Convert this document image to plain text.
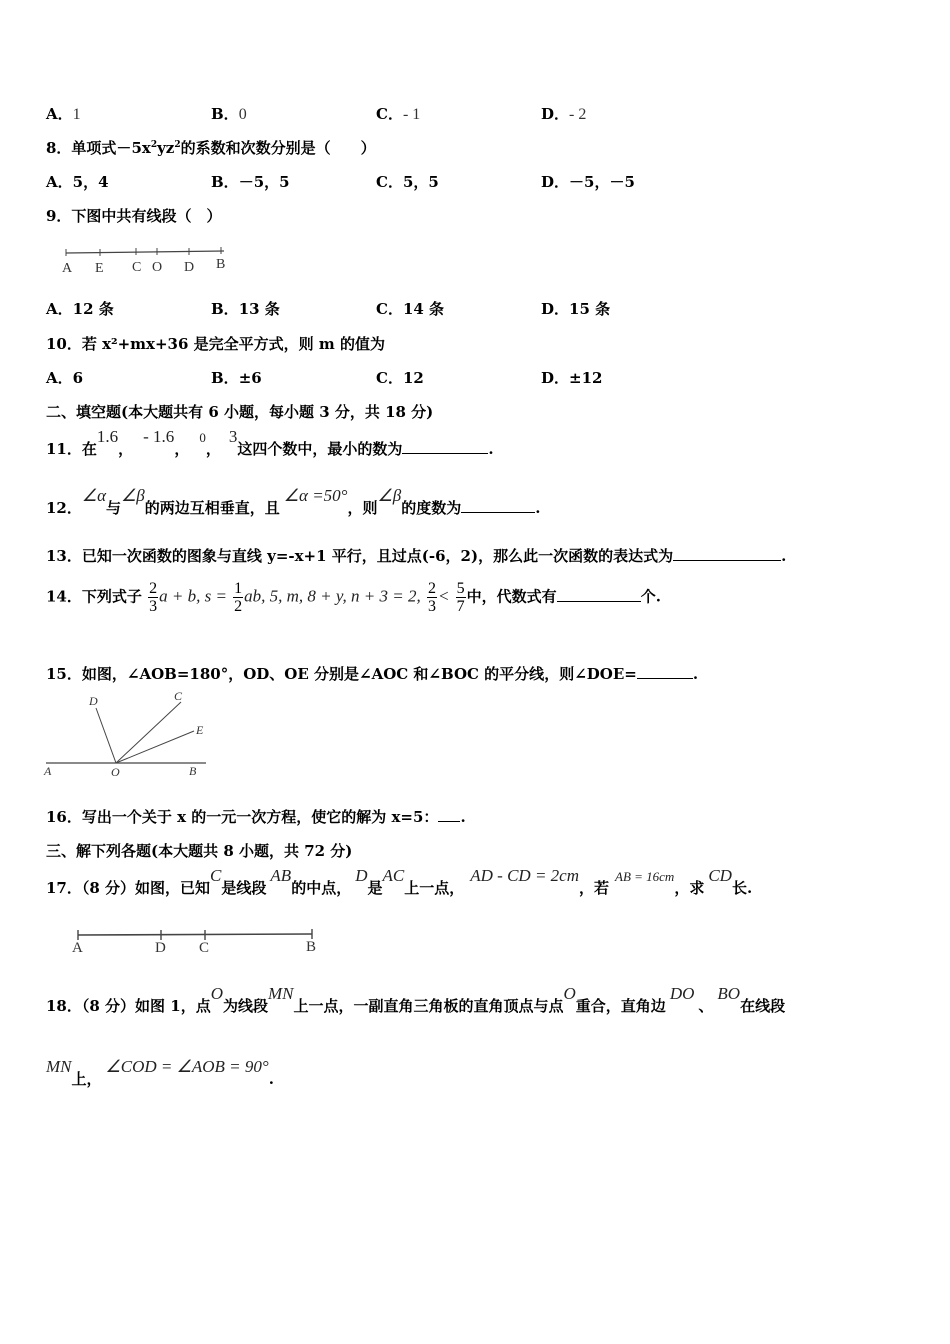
A．1	B．0	C．- 1	D．- 2
8．单项式$-5x^2yz^2$的系数和次数分别是（　　）
A．5，4	B．－5，5	C．5，5	D．－5，－5
9．下图中共有线段（　）
A E C O D B
A．12 条	B．13 条	C．14 条	D．15 条
10．若 x²+mx+36 是完全平方式，则 m 的值为
A．6	B．±6	C．12	D．±12
二、填空题(本大题共有 6 小题，每小题 3 分，共 18 分)
11．在1.6，- 1.6，0，3这四个数中，最小的数为	.
12．∠α与∠β的两边互相垂直，且∠α =50°，则∠β的度数为	.
13．已知一次函数的图象与直线 y=-x+1 平行，且过点(-6，2)，那么此一次函数的表达式为	.
14．下列式子 $\frac{2}{3}$ a + b, $s = \frac{1}{2}$ ab, 5, m, 8 + y, n + 3 = 2, $\frac{2}{3} < \frac{5}{7}$ 中，代数式有	个.
15．如图，∠AOB=180°，OD、OE 分别是∠AOC 和∠BOC 的平分线，则∠DOE=	.
A	O	B
C
D
E
16．写出一个关于 x 的一元一次方程，使它的解为 x=5： .
三、解下列各题(本大题共 8 小题，共 72 分)
17．（8 分）如图，已知C是线段AB的中点，D是AC上一点，AD - CD = 2cm，若AB = 16cm，求CD长.
A	D C	B
18．（8 分）如图 1，点O为线段MN上一点，一副直角三角板的直角顶点与点O重合，直角边DO、BO在线段
MN上，∠COD = ∠AOB = 90°.
